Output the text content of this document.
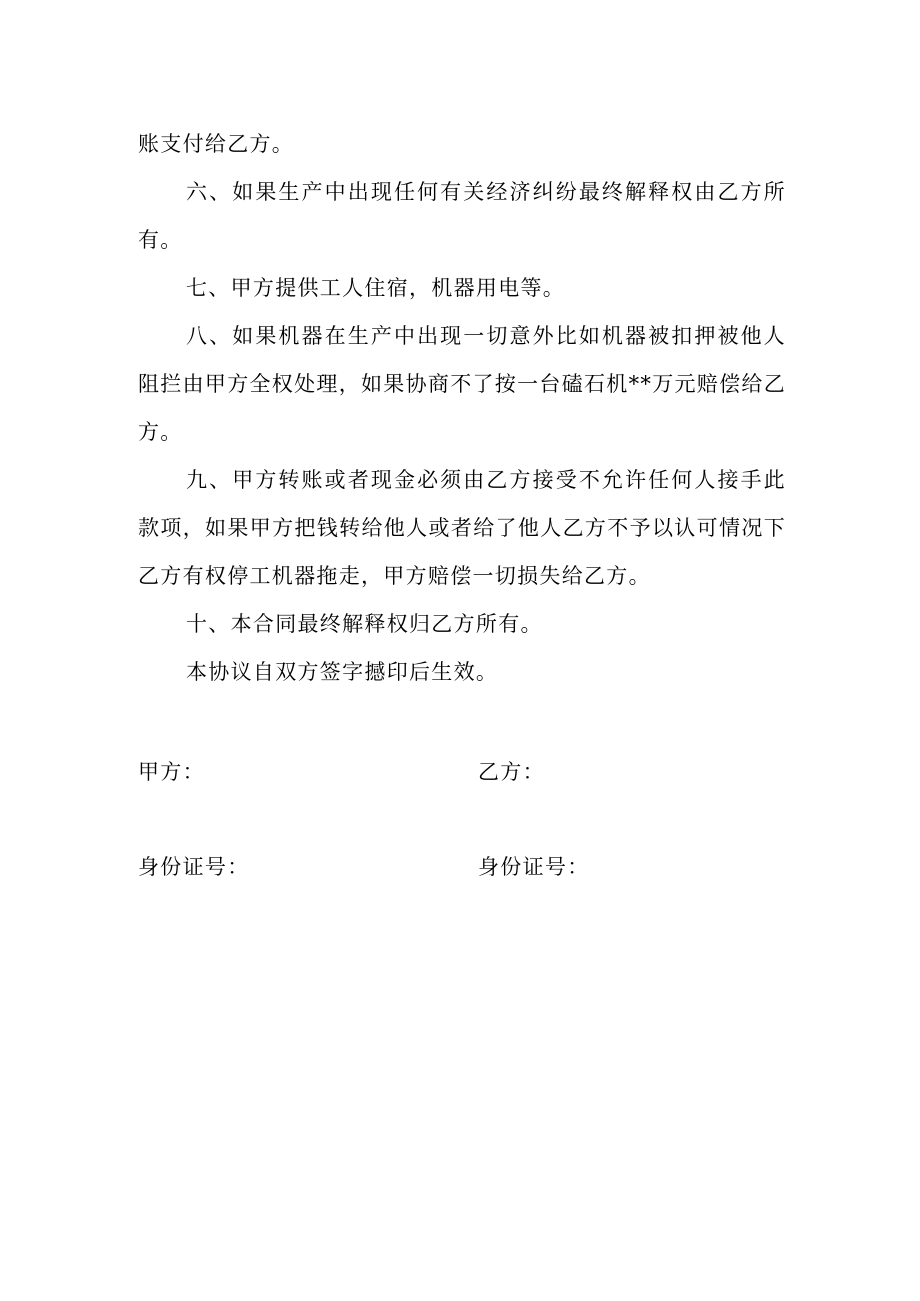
账支付给乙方。

六、如果生产中出现任何有关经济纠纷最终解释权由乙方所有。

七、甲方提供工人住宿，机器用电等。

八、如果机器在生产中出现一切意外比如机器被扣押被他人阻拦由甲方全权处理，如果协商不了按一台磕石机**万元赔偿给乙方。

九、甲方转账或者现金必须由乙方接受不允许任何人接手此款项，如果甲方把钱转给他人或者给了他人乙方不予以认可情况下乙方有权停工机器拖走，甲方赔偿一切损失给乙方。

十、本合同最终解释权归乙方所有。

本协议自双方签字撼印后生效。

甲方：	乙方：
身份证号：	身份证号：
